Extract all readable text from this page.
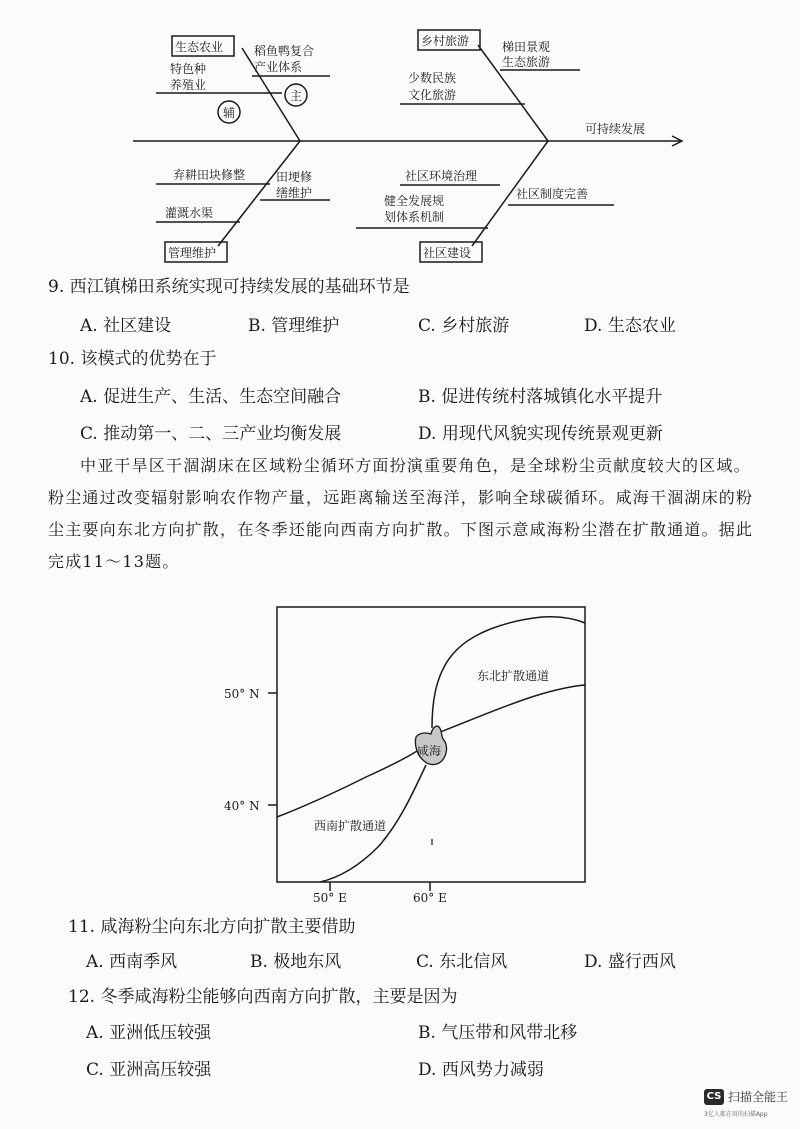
生态农业	乡村旅游
管理维护	社区建设
稻鱼鸭复合
产业体系
特色种
养殖业
主
辅
梯田景观
生态旅游
少数民族
文化旅游
可持续发展
弃耕田块修整	田埂修
缮维护
灌溉水渠
社区环境治理
健全发展规
划体系机制
社区制度完善
9. 西江镇梯田系统实现可持续发展的基础环节是
A. 社区建设	B. 管理维护	C. 乡村旅游	D. 生态农业
10. 该模式的优势在于
A. 促进生产、生活、生态空间融合	B. 促进传统村落城镇化水平提升
C. 推动第一、二、三产业均衡发展	D. 用现代风貌实现传统景观更新
中亚干旱区干涸湖床在区域粉尘循环方面扮演重要角色，是全球粉尘贡献度较大的区域。
粉尘通过改变辐射影响农作物产量，远距离输送至海洋，影响全球碳循环。咸海干涸湖床的粉
尘主要向东北方向扩散，在冬季还能向西南方向扩散。下图示意咸海粉尘潜在扩散通道。据此
完成11～13题。
50° N
40° N
50° E	60° E
东北扩散通道
西南扩散通道
咸海
11. 咸海粉尘向东北方向扩散主要借助
A. 西南季风	B. 极地东风	C. 东北信风	D. 盛行西风
12. 冬季咸海粉尘能够向西南方向扩散，主要是因为
A. 亚洲低压较强	B. 气压带和风带北移
C. 亚洲高压较强	D. 西风势力减弱
CS 扫描全能王
3亿人都在用的扫描App
